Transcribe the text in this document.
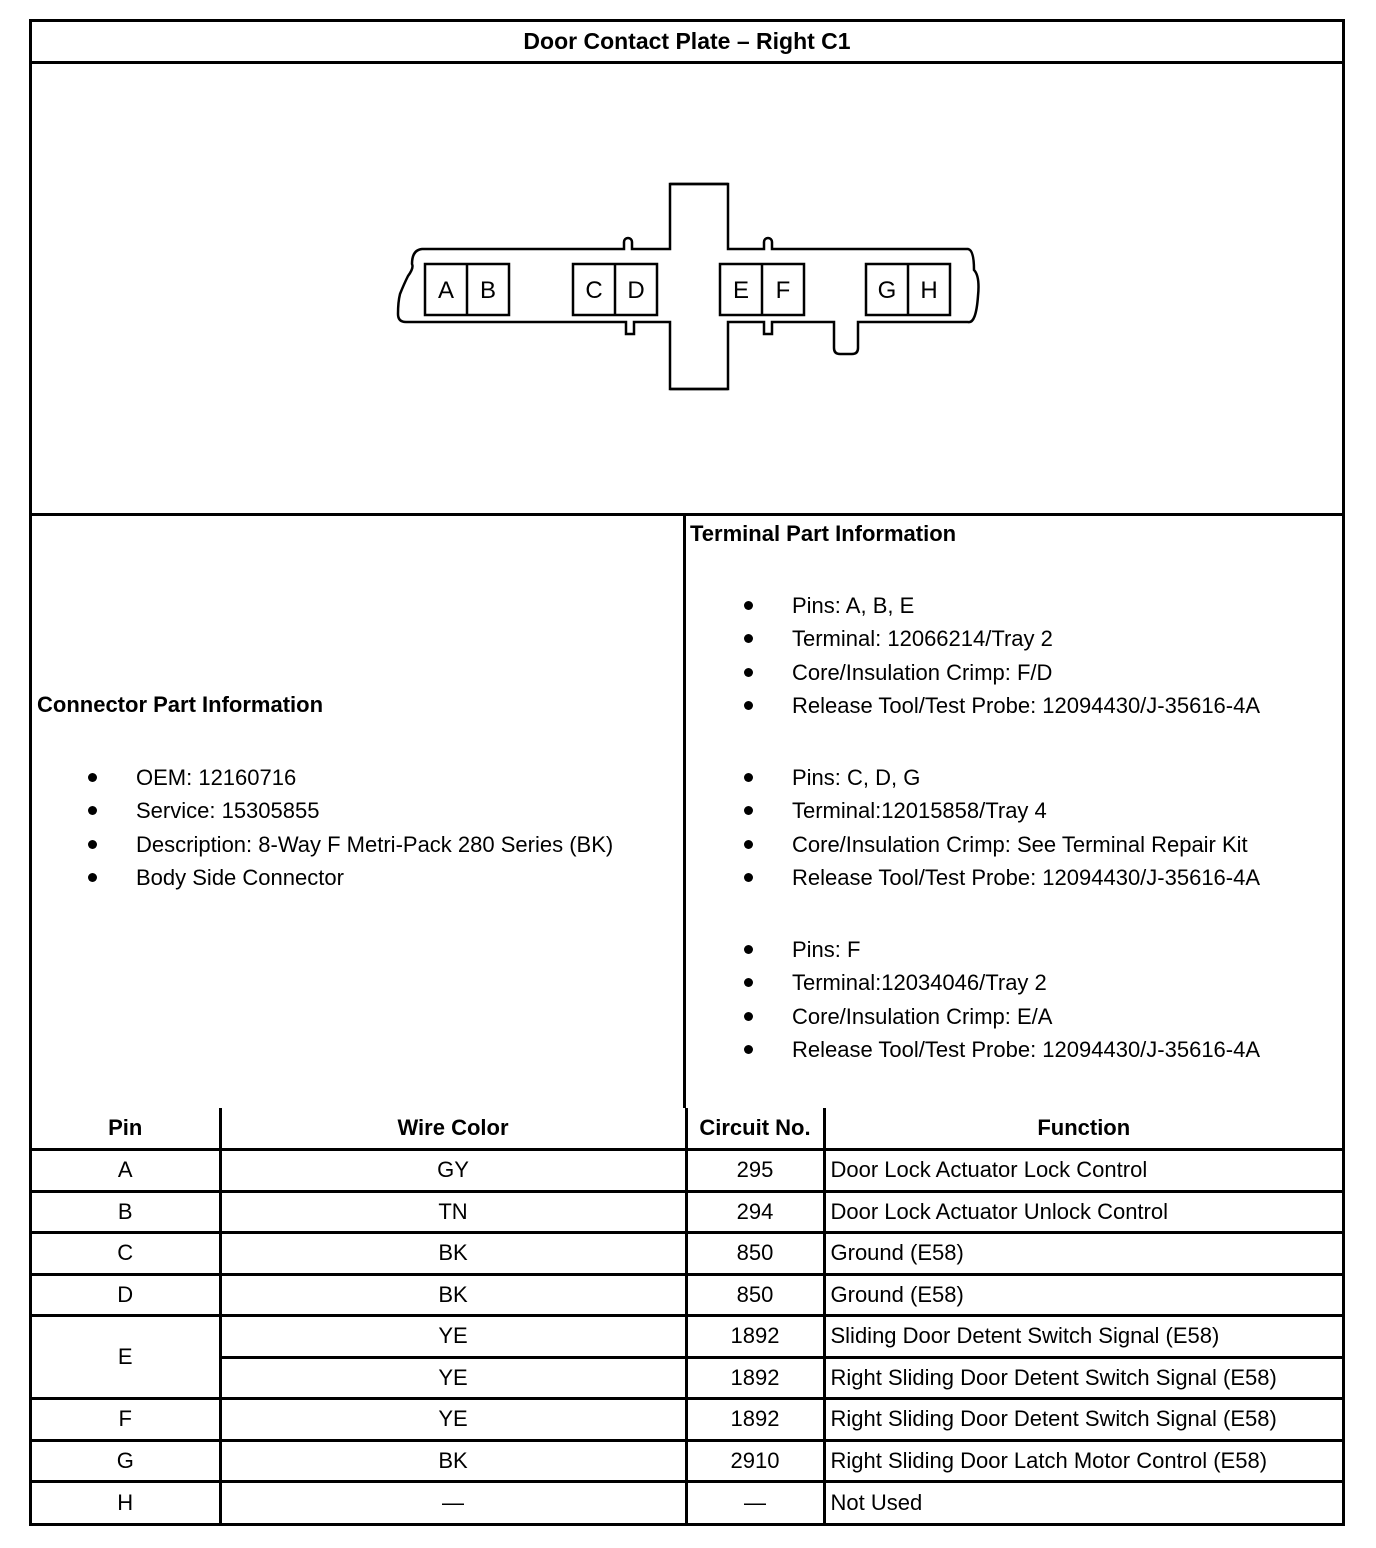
Door Contact Plate – Right C1
A B	C D	E F	G H
Connector Part Information
OEM: 12160716
Service: 15305855
Description: 8-Way F Metri-Pack 280 Series (BK)
Body Side Connector
Terminal Part Information
Pins: A, B, E
Terminal: 12066214/Tray 2
Core/Insulation Crimp: F/D
Release Tool/Test Probe: 12094430/J-35616-4A
Pins: C, D, G
Terminal:12015858/Tray 4
Core/Insulation Crimp: See Terminal Repair Kit
Release Tool/Test Probe: 12094430/J-35616-4A
Pins: F
Terminal:12034046/Tray 2
Core/Insulation Crimp: E/A
Release Tool/Test Probe: 12094430/J-35616-4A
Pin	Wire Color	Circuit No.	Function
A	GY	295	Door Lock Actuator Lock Control
B	TN	294	Door Lock Actuator Unlock Control
C	BK	850	Ground (E58)
D	BK	850	Ground (E58)
E	YE	1892	Sliding Door Detent Switch Signal (E58)
	YE	1892	Right Sliding Door Detent Switch Signal (E58)
F	YE	1892	Right Sliding Door Detent Switch Signal (E58)
G	BK	2910	Right Sliding Door Latch Motor Control (E58)
H	—	—	Not Used
